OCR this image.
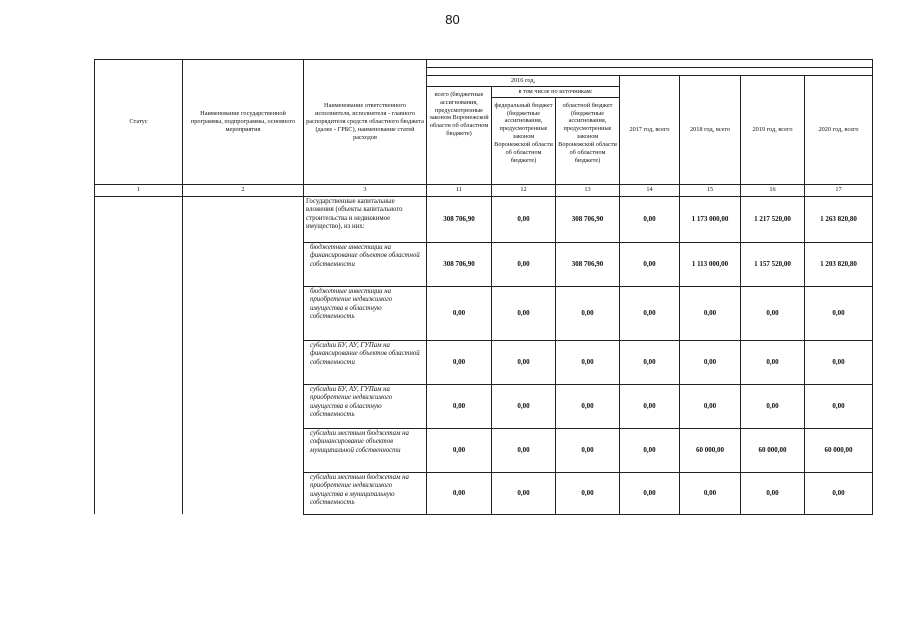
80
Статус	Наименование государственной программы, подпрограммы, основного мероприятия	Наименование ответственного исполнителя, исполнителя - главного распорядителя средств областного бюджета (далее - ГРБС), наименование статей расходов							

			2016 год,			2017 год, всего	2018 год, всего	2019 год, всего	2020 год, всего
			всего (бюджетные ассигнования, предусмотренные законом Воронежской области об областном бюджете)	в том числе по источникам:					
				федеральный бюджет (бюджетные ассигнования, предусмотренные законом Воронежской области об областном бюджете)	областной бюджет (бюджетные ассигнования, предусмотренные законом Воронежской области об областном бюджете)				
1	2	3	11	12	13	14	15	16	17
		Государственные капитальные вложения (объекты капитального строительства и недвижимое имущество), из них:	308 706,90	0,00	308 706,90	0,00	1 173 000,00	1 217 520,00	1 263 820,80
		бюджетные инвестиции на финансирование объектов областной собственности	308 706,90	0,00	308 706,90	0,00	1 113 000,00	1 157 520,00	1 203 820,80
		бюджетные инвестиции на приобретение недвижимого имущества в областную собственность	0,00	0,00	0,00	0,00	0,00	0,00	0,00
		субсидии БУ, АУ, ГУПам на финансирование объектов областной собственности	0,00	0,00	0,00	0,00	0,00	0,00	0,00
		субсидии БУ, АУ, ГУПам на приобретение недвижимого имущества в областную собственность	0,00	0,00	0,00	0,00	0,00	0,00	0,00
		субсидии местным бюджетам на софинансирование объектов муниципальной собственности	0,00	0,00	0,00	0,00	60 000,00	60 000,00	60 000,00
		субсидии местным бюджетам на приобретение недвижимого имущества в муниципальную собственность	0,00	0,00	0,00	0,00	0,00	0,00	0,00
